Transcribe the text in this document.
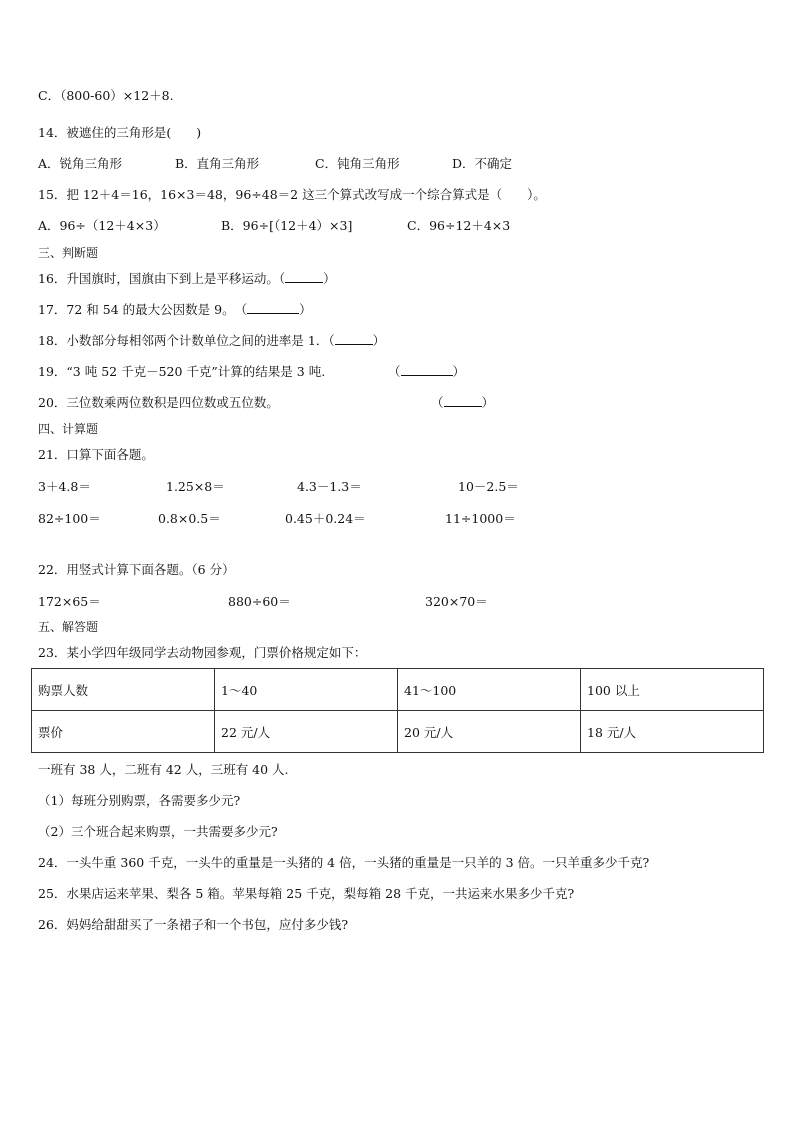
C．（800-60）×12＋8.
14．被遮住的三角形是(　　)
A．锐角三角形	B．直角三角形	C．钝角三角形	D．不确定
15．把 12＋4＝16，16×3＝48，96÷48＝2 这三个算式改写成一个综合算式是（　　）。
A．96÷（12＋4×3）	B．96÷[（12＋4）×3]	C．96÷12＋4×3
三、判断题
16．升国旗时，国旗由下到上是平移运动。（	）
17．72 和 54 的最大公因数是 9。　（	）
18．小数部分每相邻两个计数单位之间的进率是 1．（	）
19．“3 吨 52 千克－520 千克”计算的结果是 3 吨.	（	）
20．三位数乘两位数积是四位数或五位数。	（	）
四、计算题
21．口算下面各题。
3＋4.8＝	1.25×8＝	4.3－1.3＝	10－2.5＝
82÷100＝	0.8×0.5＝	0.45＋0.24＝	11÷1000＝
22．用竖式计算下面各题。（6 分）
172×65＝	880÷60＝	320×70＝
五、解答题
23．某小学四年级同学去动物园参观，门票价格规定如下：
购票人数	1～40	41～100	100 以上
票价	22 元/人	20 元/人	18 元/人
一班有 38 人，二班有 42 人，三班有 40 人.
（1）每班分别购票，各需要多少元?
（2）三个班合起来购票，一共需要多少元?
24．一头牛重 360 千克，一头牛的重量是一头猪的 4 倍，一头猪的重量是一只羊的 3 倍。一只羊重多少千克?
25．水果店运来苹果、梨各 5 箱。苹果每箱 25 千克，梨每箱 28 千克，一共运来水果多少千克?
26．妈妈给甜甜买了一条裙子和一个书包，应付多少钱?
